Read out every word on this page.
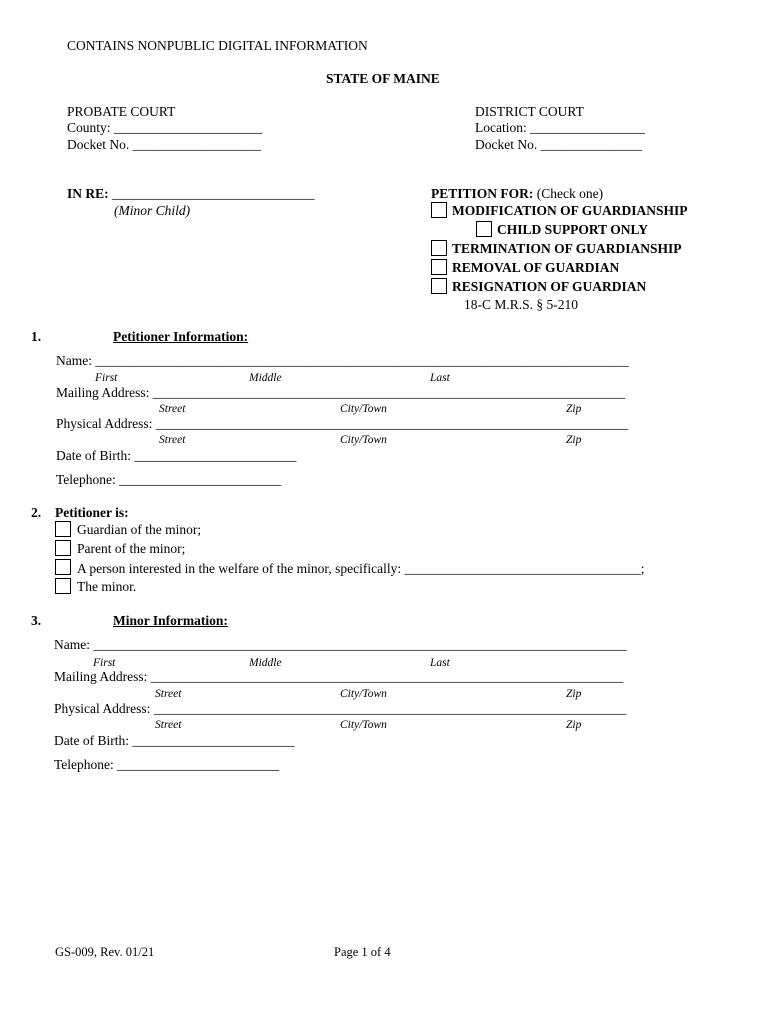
CONTAINS NONPUBLIC DIGITAL INFORMATION
STATE OF MAINE
PROBATE COURT
County: ______________________
Docket No. ___________________
DISTRICT COURT
Location: _________________
Docket No. _______________
IN RE: ______________________________
(Minor Child)
PETITION FOR: (Check one)
MODIFICATION OF GUARDIANSHIP
CHILD SUPPORT ONLY
TERMINATION OF GUARDIANSHIP
REMOVAL OF GUARDIAN
RESIGNATION OF GUARDIAN
18-C M.R.S. § 5-210
1.	Petitioner Information:
Name: _______________________________________________________________________________
First	Middle	Last
Mailing Address: ______________________________________________________________________
Street	City/Town	Zip
Physical Address: ______________________________________________________________________
Street	City/Town	Zip
Date of Birth: ________________________
Telephone: ________________________
2. Petitioner is:
Guardian of the minor;
Parent of the minor;
A person interested in the welfare of the minor, specifically: ___________________________________;
The minor.
3.	Minor Information:
Name: _______________________________________________________________________________
First	Middle	Last
Mailing Address: ______________________________________________________________________
Street	City/Town	Zip
Physical Address: ______________________________________________________________________
Street	City/Town	Zip
Date of Birth: ________________________
Telephone: ________________________
GS-009, Rev. 01/21	Page 1 of 4
